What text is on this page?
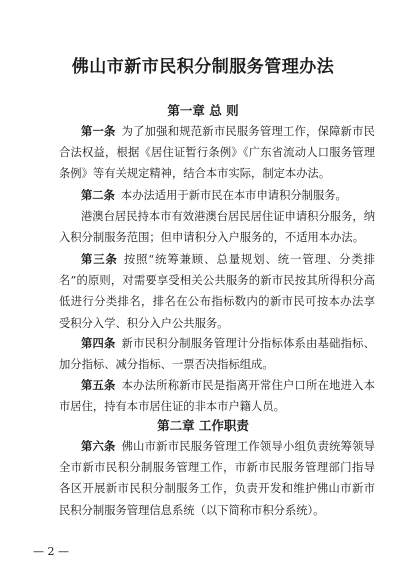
佛山市新市民积分制服务管理办法
第一章 总 则

第一条 为了加强和规范新市民服务管理工作，保障新市民合法权益，根据《居住证暂行条例》《广东省流动人口服务管理条例》等有关规定精神，结合本市实际，制定本办法。

第二条 本办法适用于新市民在本市申请积分制服务。

港澳台居民持本市有效港澳台居民居住证申请积分服务，纳入积分制服务范围；但申请积分入户服务的，不适用本办法。

第三条 按照“统筹兼顾、总量规划、统一管理、分类排名”的原则，对需要享受相关公共服务的新市民按其所得积分高低进行分类排名，排名在公布指标数内的新市民可按本办法享受积分入学、积分入户公共服务。

第四条 新市民积分制服务管理计分指标体系由基础指标、加分指标、减分指标、一票否决指标组成。

第五条 本办法所称新市民是指离开常住户口所在地进入本市居住，持有本市居住证的非本市户籍人员。

第二章 工作职责

第六条 佛山市新市民服务管理工作领导小组负责统筹领导全市新市民积分制服务管理工作，市新市民服务管理部门指导各区开展新市民积分制服务工作，负责开发和维护佛山市新市民积分制服务管理信息系统（以下简称市积分系统）。

— 2 —
